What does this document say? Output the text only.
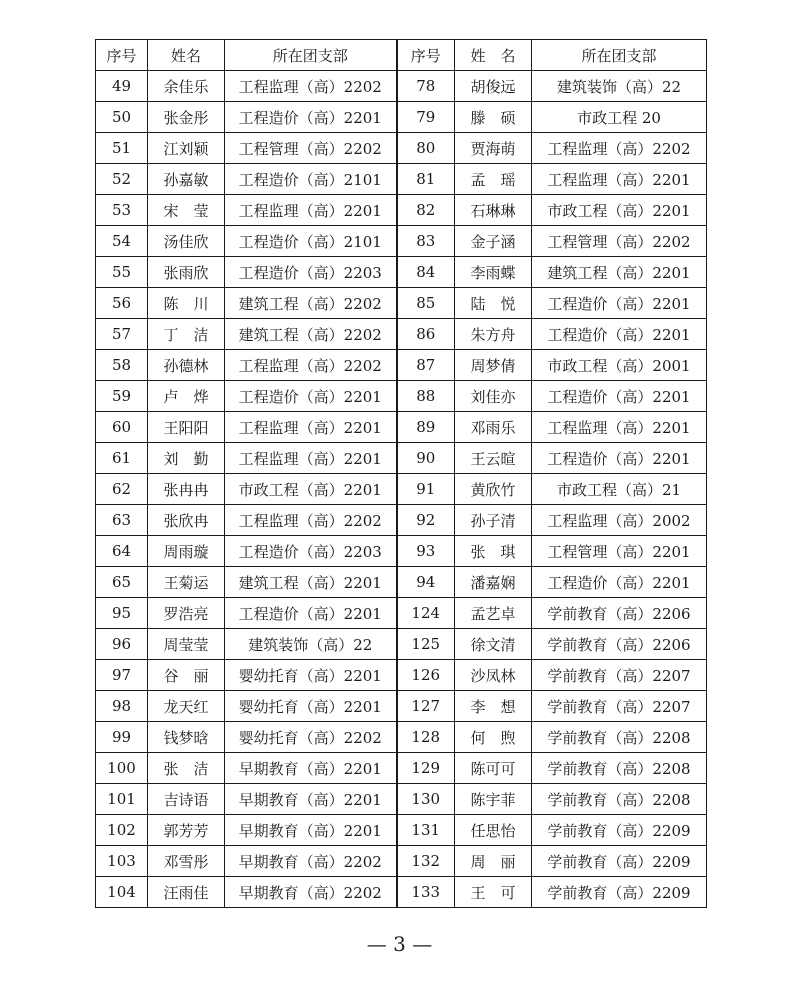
序号	姓名	所在团支部	序号	姓　名	所在团支部
49	余佳乐	工程监理（高）2202	78	胡俊远	建筑装饰（高）22
50	张金彤	工程造价（高）2201	79	滕　硕	市政工程 20
51	江刘颖	工程管理（高）2202	80	贾海萌	工程监理（高）2202
52	孙嘉敏	工程造价（高）2101	81	孟　瑶	工程监理（高）2201
53	宋　莹	工程监理（高）2201	82	石琳琳	市政工程（高）2201
54	汤佳欣	工程造价（高）2101	83	金子涵	工程管理（高）2202
55	张雨欣	工程造价（高）2203	84	李雨蝶	建筑工程（高）2201
56	陈　川	建筑工程（高）2202	85	陆　悦	工程造价（高）2201
57	丁　洁	建筑工程（高）2202	86	朱方舟	工程造价（高）2201
58	孙德林	工程监理（高）2202	87	周梦倩	市政工程（高）2001
59	卢　烨	工程造价（高）2201	88	刘佳亦	工程造价（高）2201
60	王阳阳	工程监理（高）2201	89	邓雨乐	工程监理（高）2201
61	刘　勤	工程监理（高）2201	90	王云暄	工程造价（高）2201
62	张冉冉	市政工程（高）2201	91	黄欣竹	市政工程（高）21
63	张欣冉	工程监理（高）2202	92	孙子清	工程监理（高）2002
64	周雨璇	工程造价（高）2203	93	张　琪	工程管理（高）2201
65	王菊运	建筑工程（高）2201	94	潘嘉娴	工程造价（高）2201
95	罗浩亮	工程造价（高）2201	124	孟艺卓	学前教育（高）2206
96	周莹莹	建筑装饰（高）22	125	徐文清	学前教育（高）2206
97	谷　丽	婴幼托育（高）2201	126	沙凤林	学前教育（高）2207
98	龙天红	婴幼托育（高）2201	127	李　想	学前教育（高）2207
99	钱梦晗	婴幼托育（高）2202	128	何　煦	学前教育（高）2208
100	张　洁	早期教育（高）2201	129	陈可可	学前教育（高）2208
101	吉诗语	早期教育（高）2201	130	陈宇菲	学前教育（高）2208
102	郭芳芳	早期教育（高）2201	131	任思怡	学前教育（高）2209
103	邓雪彤	早期教育（高）2202	132	周　丽	学前教育（高）2209
104	汪雨佳	早期教育（高）2202	133	王　可	学前教育（高）2209
— 3 —
